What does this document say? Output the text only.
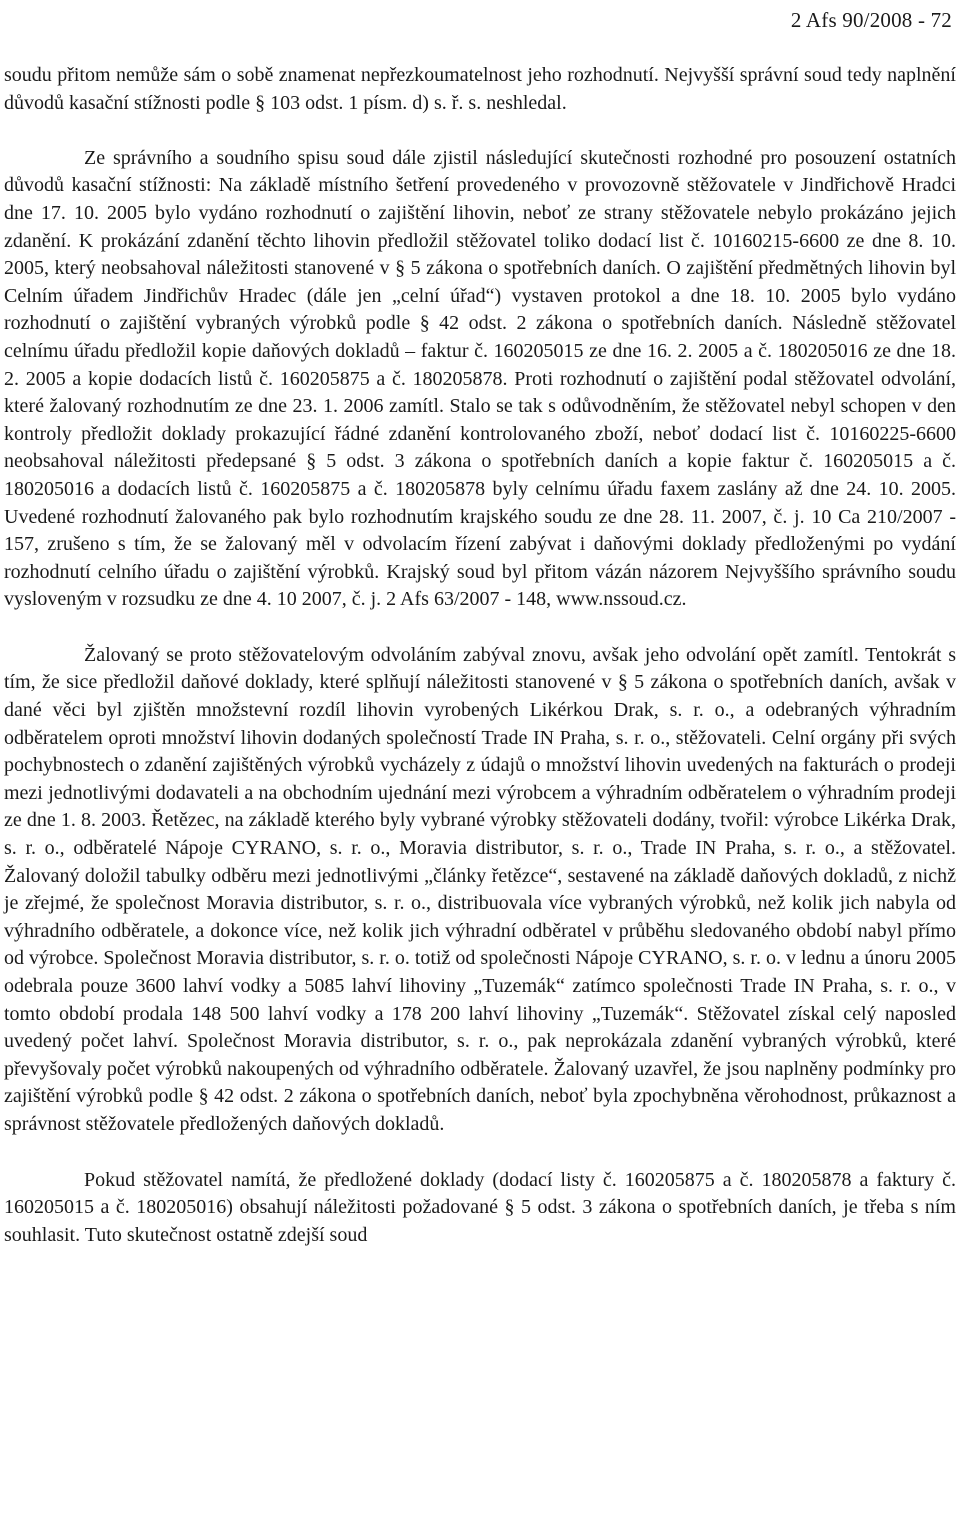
2 Afs 90/2008 - 72

soudu přitom nemůže sám o sobě znamenat nepřezkoumatelnost jeho rozhodnutí. Nejvyšší správní soud tedy naplnění důvodů kasační stížnosti podle § 103 odst. 1 písm. d) s. ř. s. neshledal.

Ze správního a soudního spisu soud dále zjistil následující skutečnosti rozhodné pro posouzení ostatních důvodů kasační stížnosti: Na základě místního šetření provedeného v provozovně stěžovatele v Jindřichově Hradci dne 17. 10. 2005 bylo vydáno rozhodnutí o zajištění lihovin, neboť ze strany stěžovatele nebylo prokázáno jejich zdanění. K prokázání zdanění těchto lihovin předložil stěžovatel toliko dodací list č. 10160215-6600 ze dne 8. 10. 2005, který neobsahoval náležitosti stanovené v § 5 zákona o spotřebních daních. O zajištění předmětných lihovin byl Celním úřadem Jindřichův Hradec (dále jen „celní úřad“) vystaven protokol a dne 18. 10. 2005 bylo vydáno rozhodnutí o zajištění vybraných výrobků podle § 42 odst. 2 zákona o spotřebních daních. Následně stěžovatel celnímu úřadu předložil kopie daňových dokladů – faktur č. 160205015 ze dne 16. 2. 2005 a č. 180205016 ze dne 18. 2. 2005 a kopie dodacích listů č. 160205875 a č. 180205878. Proti rozhodnutí o zajištění podal stěžovatel odvolání, které žalovaný rozhodnutím ze dne 23. 1. 2006 zamítl. Stalo se tak s odůvodněním, že stěžovatel nebyl schopen v den kontroly předložit doklady prokazující řádné zdanění kontrolovaného zboží, neboť dodací list č. 10160225-6600 neobsahoval náležitosti předepsané § 5 odst. 3 zákona o spotřebních daních a kopie faktur č. 160205015 a č. 180205016 a dodacích listů č. 160205875 a č. 180205878 byly celnímu úřadu faxem zaslány až dne 24. 10. 2005. Uvedené rozhodnutí žalovaného pak bylo rozhodnutím krajského soudu ze dne 28. 11. 2007, č. j. 10 Ca 210/2007 - 157, zrušeno s tím, že se žalovaný měl v odvolacím řízení zabývat i daňovými doklady předloženými po vydání rozhodnutí celního úřadu o zajištění výrobků. Krajský soud byl přitom vázán názorem Nejvyššího správního soudu vysloveným v rozsudku ze dne 4. 10 2007, č. j. 2 Afs 63/2007 - 148, www.nssoud.cz.

Žalovaný se proto stěžovatelovým odvoláním zabýval znovu, avšak jeho odvolání opět zamítl. Tentokrát s tím, že sice předložil daňové doklady, které splňují náležitosti stanovené v § 5 zákona o spotřebních daních, avšak v dané věci byl zjištěn množstevní rozdíl lihovin vyrobených Likérkou Drak, s. r. o., a odebraných výhradním odběratelem oproti množství lihovin dodaných společností Trade IN Praha, s. r. o., stěžovateli. Celní orgány při svých pochybnostech o zdanění zajištěných výrobků vycházely z údajů o množství lihovin uvedených na fakturách o prodeji mezi jednotlivými dodavateli a na obchodním ujednání mezi výrobcem a výhradním odběratelem o výhradním prodeji ze dne 1. 8. 2003. Řetězec, na základě kterého byly vybrané výrobky stěžovateli dodány, tvořil: výrobce Likérka Drak, s. r. o., odběratelé Nápoje CYRANO, s. r. o., Moravia distributor, s. r. o., Trade IN Praha, s. r. o., a stěžovatel. Žalovaný doložil tabulky odběru mezi jednotlivými „články řetězce“, sestavené na základě daňových dokladů, z nichž je zřejmé, že společnost Moravia distributor, s. r. o., distribuovala více vybraných výrobků, než kolik jich nabyla od výhradního odběratele, a dokonce více, než kolik jich výhradní odběratel v průběhu sledovaného období nabyl přímo od výrobce. Společnost Moravia distributor, s. r. o. totiž od společnosti Nápoje CYRANO, s. r. o. v lednu a únoru 2005 odebrala pouze 3600 lahví vodky a 5085 lahví lihoviny „Tuzemák“ zatímco společnosti Trade IN Praha, s. r. o., v tomto období prodala 148 500 lahví vodky a 178 200 lahví lihoviny „Tuzemák“. Stěžovatel získal celý naposled uvedený počet lahví. Společnost Moravia distributor, s. r. o., pak neprokázala zdanění vybraných výrobků, které převyšovaly počet výrobků nakoupených od výhradního odběratele. Žalovaný uzavřel, že jsou naplněny podmínky pro zajištění výrobků podle § 42 odst. 2 zákona o spotřebních daních, neboť byla zpochybněna věrohodnost, průkaznost a správnost stěžovatele předložených daňových dokladů.

Pokud stěžovatel namítá, že předložené doklady (dodací listy č. 160205875 a č. 180205878 a faktury č. 160205015 a č. 180205016) obsahují náležitosti požadované § 5 odst. 3 zákona o spotřebních daních, je třeba s ním souhlasit. Tuto skutečnost ostatně zdejší soud
